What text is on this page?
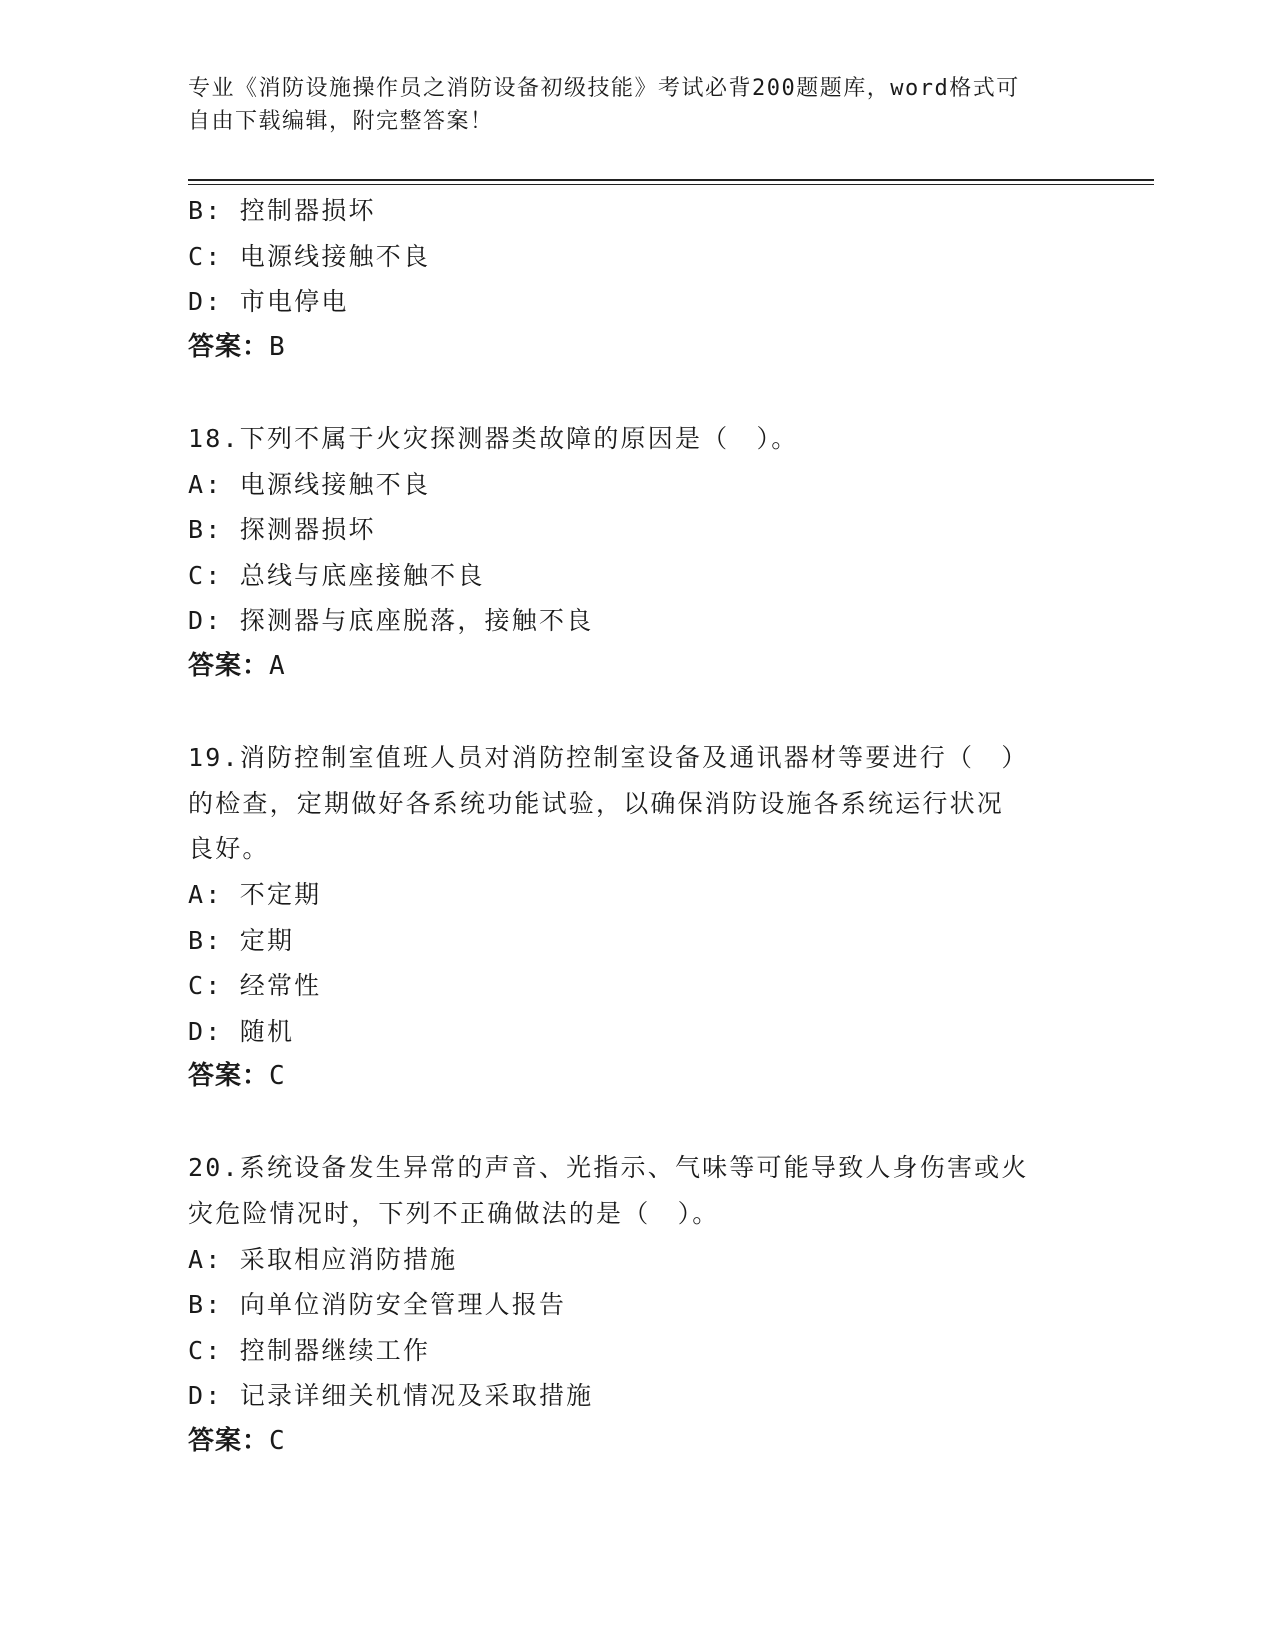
专业《消防设施操作员之消防设备初级技能》考试必背200题题库，word格式可
自由下载编辑，附完整答案！
B: 控制器损坏
C: 电源线接触不良
D: 市电停电
答案：B
18.下列不属于火灾探测器类故障的原因是（　）。
A: 电源线接触不良
B: 探测器损坏
C: 总线与底座接触不良
D: 探测器与底座脱落，接触不良
答案：A
19.消防控制室值班人员对消防控制室设备及通讯器材等要进行（　）
的检查，定期做好各系统功能试验，以确保消防设施各系统运行状况
良好。
A: 不定期
B: 定期
C: 经常性
D: 随机
答案：C
20.系统设备发生异常的声音、光指示、气味等可能导致人身伤害或火
灾危险情况时，下列不正确做法的是（　）。
A: 采取相应消防措施
B: 向单位消防安全管理人报告
C: 控制器继续工作
D: 记录详细关机情况及采取措施
答案：C
